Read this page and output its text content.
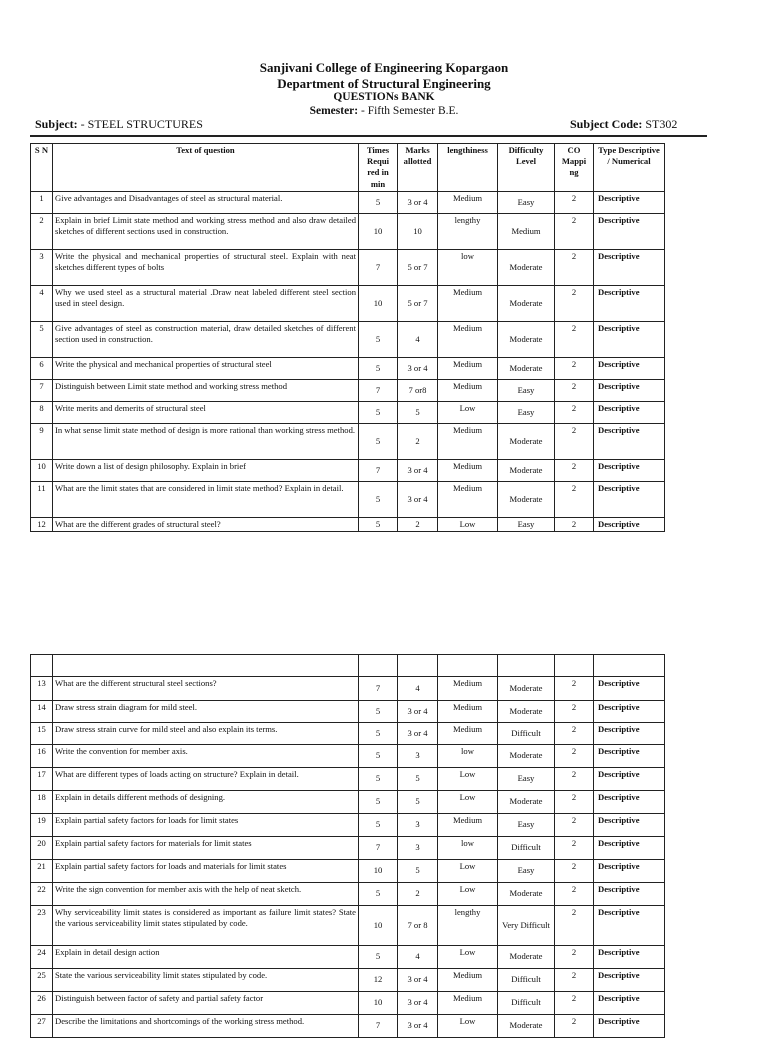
Sanjivani College of Engineering Kopargaon
Department of Structural Engineering
QUESTIONs BANK
Semester: - Fifth Semester B.E.
Subject: - STEEL STRUCTURES	Subject Code: ST302
S N	Text of question	Times Requi red in min	Marks allotted	lengthiness	Difficulty Level	CO Mappi ng	Type Descriptive / Numerical
1	Give advantages and Disadvantages of steel as structural material.	5	3 or 4	Medium	Easy	2	Descriptive
2	Explain in brief Limit state method and working stress method and also draw detailed sketches of different sections used in construction.	10	10	lengthy	Medium	2	Descriptive
3	Write the physical and mechanical properties of structural steel. Explain with neat sketches different types of bolts	7	5 or 7	low	Moderate	2	Descriptive
4	Why we used steel as a structural material .Draw neat labeled different steel section used in steel design.	10	5 or 7	Medium	Moderate	2	Descriptive
5	Give advantages of steel as construction material, draw detailed sketches of different section used in construction.	5	4	Medium	Moderate	2	Descriptive
6	Write the physical and mechanical properties of structural steel	5	3 or 4	Medium	Moderate	2	Descriptive
7	Distinguish between Limit state method and working stress method	7	7 or8	Medium	Easy	2	Descriptive
8	Write merits and demerits of structural steel	5	5	Low	Easy	2	Descriptive
9	In what sense limit state method of design is more rational than working stress method.	5	2	Medium	Moderate	2	Descriptive
10	Write down a list of design philosophy. Explain in brief	7	3 or 4	Medium	Moderate	2	Descriptive
11	What are the limit states that are considered in limit state method? Explain in detail.	5	3 or 4	Medium	Moderate	2	Descriptive
12	What are the different grades of structural steel?	5	2	Low	Easy	2	Descriptive

13	What are the different structural steel sections?	7	4	Medium	Moderate	2	Descriptive
14	Draw stress strain diagram for mild steel.	5	3 or 4	Medium	Moderate	2	Descriptive
15	Draw stress strain curve for mild steel and also explain its terms.	5	3 or 4	Medium	Difficult	2	Descriptive
16	Write the convention for member axis.	5	3	low	Moderate	2	Descriptive
17	What are different types of loads acting on structure? Explain in detail.	5	5	Low	Easy	2	Descriptive
18	Explain in details different methods of designing.	5	5	Low	Moderate	2	Descriptive
19	Explain partial safety factors for loads for limit states	5	3	Medium	Easy	2	Descriptive
20	Explain partial safety factors for materials for limit states	7	3	low	Difficult	2	Descriptive
21	Explain partial safety factors for loads and materials for limit states	10	5	Low	Easy	2	Descriptive
22	Write the sign convention for member axis with the help of neat sketch.	5	2	Low	Moderate	2	Descriptive
23	Why serviceability limit states is considered as important as failure limit states? State the various serviceability limit states stipulated by code.	10	7 or 8	lengthy	Very Difficult	2	Descriptive
24	Explain in detail design action	5	4	Low	Moderate	2	Descriptive
25	State the various serviceability limit states stipulated by code.	12	3 or 4	Medium	Difficult	2	Descriptive
26	Distinguish between factor of safety and partial safety factor	10	3 or 4	Medium	Difficult	2	Descriptive
27	Describe the limitations and shortcomings of the working stress method.	7	3 or 4	Low	Moderate	2	Descriptive
